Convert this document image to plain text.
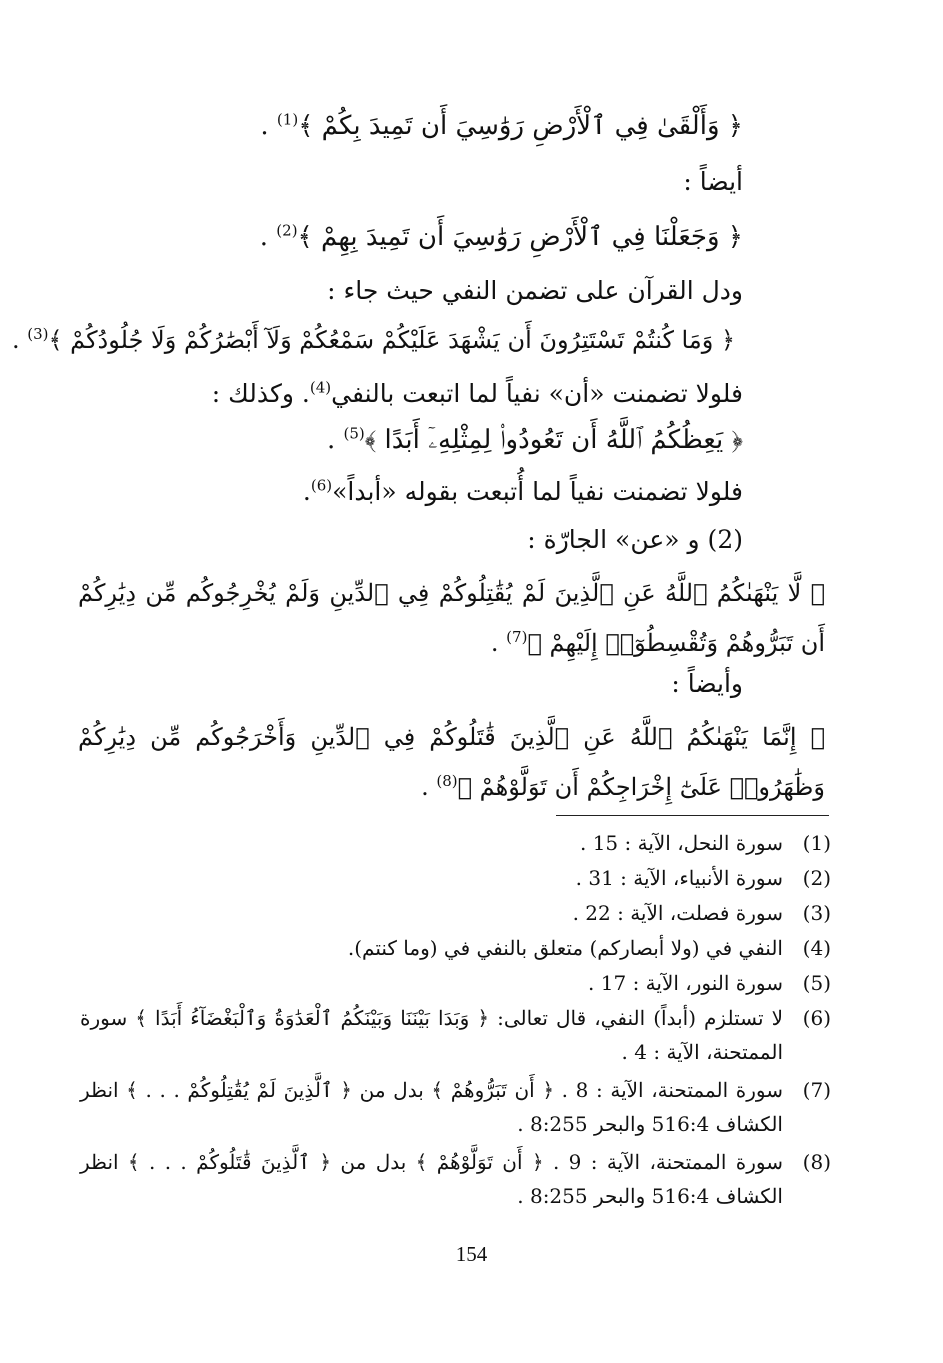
﴿ وَأَلْقَىٰ فِي ٱلْأَرْضِ رَوَٰسِيَ أَن تَمِيدَ بِكُمْ ﴾$^{(1)}$ .
أيضاً :
﴿ وَجَعَلْنَا فِي ٱلْأَرْضِ رَوَٰسِيَ أَن تَمِيدَ بِهِمْ ﴾$^{(2)}$ .
ودل القرآن على تضمن النفي حيث جاء :
﴿ وَمَا كُنتُمْ تَسْتَتِرُونَ أَن يَشْهَدَ عَلَيْكُمْ سَمْعُكُمْ وَلَآ أَبْصَٰرُكُمْ وَلَا جُلُودُكُمْ ﴾$^{(3)}$ .
فلولا تضمنت «أن» نفياً لما اتبعت بالنفي$^{(4)}$. وكذلك :
﴿ يَعِظُكُمُ ٱللَّهُ أَن تَعُودُوا۟ لِمِثْلِهِۦٓ أَبَدًا ﴾$^{(5)}$ .
فلولا تضمنت نفياً لما أُتبعت بقوله «أبداً»$^{(6)}$.
(2) و «عن» الجارّة :
﴿ لَّا يَنْهَىٰكُمُ ٱللَّهُ عَنِ ٱلَّذِينَ لَمْ يُقَٰتِلُوكُمْ فِي ٱلدِّينِ وَلَمْ يُخْرِجُوكُم مِّن دِيَٰرِكُمْ أَن تَبَرُّوهُمْ وَتُقْسِطُوٓا۟ إِلَيْهِمْ ﴾$^{(7)}$ .
وأيضاً :
﴿ إِنَّمَا يَنْهَىٰكُمُ ٱللَّهُ عَنِ ٱلَّذِينَ قَٰتَلُوكُمْ فِي ٱلدِّينِ وَأَخْرَجُوكُم مِّن دِيَٰرِكُمْ وَظَٰهَرُوا۟ عَلَىٰٓ إِخْرَاجِكُمْ أَن تَوَلَّوْهُمْ ﴾$^{(8)}$ .
(1)
سورة النحل، الآية : 15 .
(2)
سورة الأنبياء، الآية : 31 .
(3)
سورة فصلت، الآية : 22 .
(4)
النفي في (ولا أبصاركم) متعلق بالنفي في (وما كنتم).
(5)
سورة النور، الآية : 17 .
(6)
لا تستلزم (أبداً) النفي، قال تعالى: ﴿ وَبَدَا بَيْنَنَا وَبَيْنَكُمُ ٱلْعَدَٰوَةُ وَٱلْبَغْضَآءُ أَبَدًا ﴾ سورة الممتحنة، الآية : 4 .
(7)
سورة الممتحنة، الآية : 8 . ﴿ أَن تَبَرُّوهُمْ ﴾ بدل من ﴿ ٱلَّذِينَ لَمْ يُقَٰتِلُوكُمْ . . . ﴾ انظر الكشاف 516:4 والبحر 8:255 .
(8)
سورة الممتحنة، الآية : 9 . ﴿ أَن تَوَلَّوْهُمْ ﴾ بدل من ﴿ ٱلَّذِينَ قَٰتَلُوكُمْ . . . ﴾ انظر الكشاف 516:4 والبحر 8:255 .
154
